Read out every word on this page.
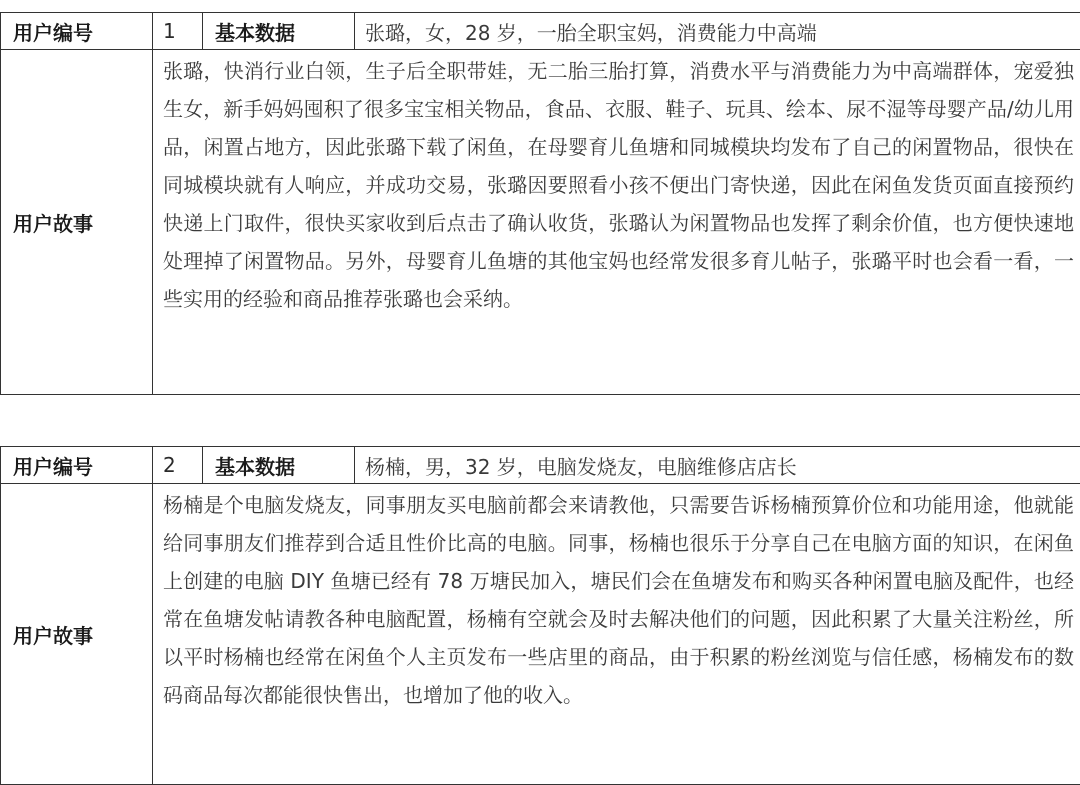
用户编号	1	基本数据	张璐，女，28 岁，一胎全职宝妈，消费能力中高端
用户故事	张璐，快消行业白领，生子后全职带娃，无二胎三胎打算，消费水平与消费能力为中高端群体，宠爱独生女，新手妈妈囤积了很多宝宝相关物品，食品、衣服、鞋子、玩具、绘本、尿不湿等母婴产品/幼儿用品，闲置占地方，因此张璐下载了闲鱼，在母婴育儿鱼塘和同城模块均发布了自己的闲置物品，很快在同城模块就有人响应，并成功交易，张璐因要照看小孩不便出门寄快递，因此在闲鱼发货页面直接预约快递上门取件，很快买家收到后点击了确认收货，张璐认为闲置物品也发挥了剩余价值，也方便快速地处理掉了闲置物品。另外，母婴育儿鱼塘的其他宝妈也经常发很多育儿帖子，张璐平时也会看一看，一些实用的经验和商品推荐张璐也会采纳。		
用户编号	2	基本数据	杨楠，男，32 岁，电脑发烧友，电脑维修店店长
用户故事	杨楠是个电脑发烧友，同事朋友买电脑前都会来请教他，只需要告诉杨楠预算价位和功能用途，他就能给同事朋友们推荐到合适且性价比高的电脑。同事，杨楠也很乐于分享自己在电脑方面的知识，在闲鱼上创建的电脑 DIY 鱼塘已经有 78 万塘民加入，塘民们会在鱼塘发布和购买各种闲置电脑及配件，也经常在鱼塘发帖请教各种电脑配置，杨楠有空就会及时去解决他们的问题，因此积累了大量关注粉丝，所以平时杨楠也经常在闲鱼个人主页发布一些店里的商品，由于积累的粉丝浏览与信任感，杨楠发布的数码商品每次都能很快售出，也增加了他的收入。		
